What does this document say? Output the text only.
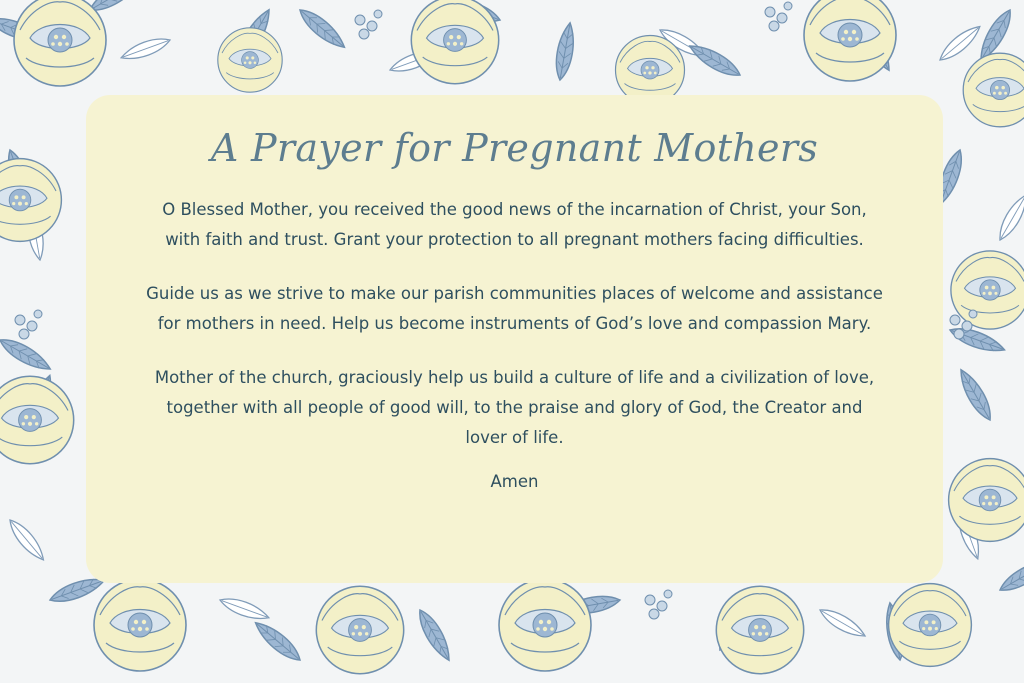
A Prayer for Pregnant Mothers

O Blessed Mother, you received the good news of the incarnation of Christ, your Son,
with faith and trust. Grant your protection to all pregnant mothers facing difficulties.

Guide us as we strive to make our parish communities places of welcome and assistance
for mothers in need. Help us become instruments of God’s love and compassion Mary.

Mother of the church, graciously help us build a culture of life and a civilization of love,
together with all people of good will, to the praise and glory of God, the Creator and
lover of life.

Amen
